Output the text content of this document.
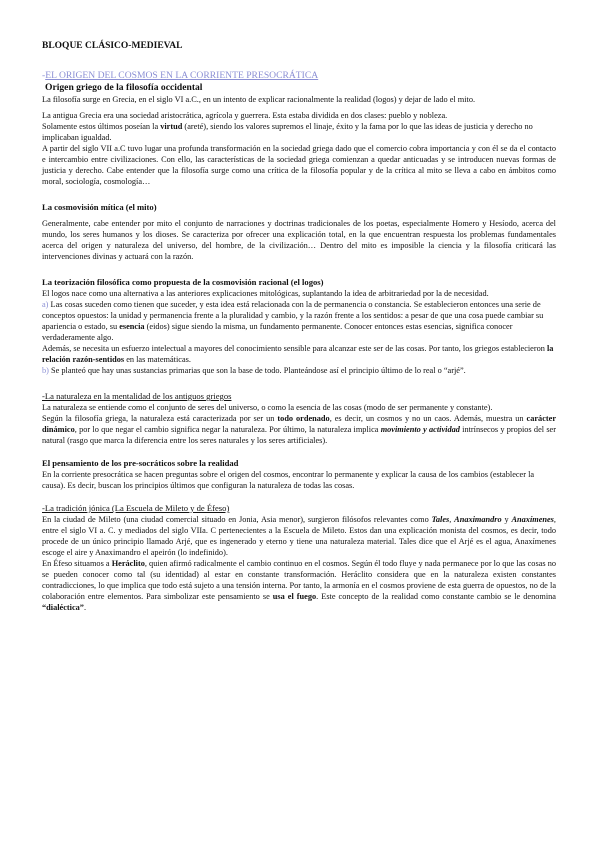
BLOQUE CLÁSICO-MEDIEVAL

-EL ORIGEN DEL COSMOS EN LA CORRIENTE PRESOCRÁTICA

Origen griego de la filosofía occidental

La filosofía surge en Grecia, en el siglo VI a.C., en un intento de explicar racionalmente la realidad (logos) y dejar de lado el mito.

La antigua Grecia era una sociedad aristocrática, agrícola y guerrera. Esta estaba dividida en dos clases: pueblo y nobleza.

Solamente estos últimos poseían la virtud (areté), siendo los valores supremos el linaje, éxito y la fama por lo que las ideas de justicia y derecho no implicaban igualdad.

A partir del siglo VII a.C tuvo lugar una profunda transformación en la sociedad griega dado que el comercio cobra importancia y con él se da el contacto e intercambio entre civilizaciones. Con ello, las características de la sociedad griega comienzan a quedar anticuadas y se introducen nuevas formas de justicia y derecho. Cabe entender que la filosofía surge como una crítica de la filosofía popular y de la crítica al mito se lleva a cabo en ámbitos como moral, sociología, cosmología…

La cosmovisión mítica (el mito)

Generalmente, cabe entender por mito el conjunto de narraciones y doctrinas tradicionales de los poetas, especialmente Homero y Hesíodo, acerca del mundo, los seres humanos y los dioses. Se caracteriza por ofrecer una explicación total, en la que encuentran respuesta los problemas fundamentales acerca del origen y naturaleza del universo, del hombre, de la civilización… Dentro del mito es imposible la ciencia y la filosofía criticará las intervenciones divinas y actuará con la razón.

La teorización filosófica como propuesta de la cosmovisión racional (el logos)

El logos nace como una alternativa a las anteriores explicaciones mitológicas, suplantando la idea de arbitrariedad por la de necesidad.

a) Las cosas suceden como tienen que suceder, y esta idea está relacionada con la de permanencia o constancia. Se establecieron entonces una serie de conceptos opuestos: la unidad y permanencia frente a la pluralidad y cambio, y la razón frente a los sentidos: a pesar de que una cosa puede cambiar su apariencia o estado, su esencia (eidos) sigue siendo la misma, un fundamento permanente. Conocer entonces estas esencias, significa conocer verdaderamente algo.

Además, se necesita un esfuerzo intelectual a mayores del conocimiento sensible para alcanzar este ser de las cosas. Por tanto, los griegos establecieron la relación razón-sentidos en las matemáticas.

b) Se planteó que hay unas sustancias primarias que son la base de todo. Planteándose así el principio último de lo real o “arjé”.

-La naturaleza en la mentalidad de los antiguos griegos

La naturaleza se entiende como el conjunto de seres del universo, o como la esencia de las cosas (modo de ser permanente y constante).

Según la filosofía griega, la naturaleza está caracterizada por ser un todo ordenado, es decir, un cosmos y no un caos. Además, muestra un carácter dinámico, por lo que negar el cambio significa negar la naturaleza. Por último, la naturaleza implica movimiento y actividad intrínsecos y propios del ser natural (rasgo que marca la diferencia entre los seres naturales y los seres artificiales).

El pensamiento de los pre-socráticos sobre la realidad

En la corriente presocrática se hacen preguntas sobre el origen del cosmos, encontrar lo permanente y explicar la causa de los cambios (establecer la causa). Es decir, buscan los principios últimos que configuran la naturaleza de todas las cosas.

-La tradición jónica (La Escuela de Mileto y de Éfeso)

En la ciudad de Mileto (una ciudad comercial situado en Jonia, Asia menor), surgieron filósofos relevantes como Tales, Anaximandro y Anaxímenes, entre el siglo VI a. C. y mediados del siglo VIIa. C pertenecientes a la Escuela de Mileto. Estos dan una explicación monista del cosmos, es decir, todo procede de un único principio llamado Arjé, que es ingenerado y eterno y tiene una naturaleza material. Tales dice que el Arjé es el agua, Anaxímenes escoge el aire y Anaximandro el apeirón (lo indefinido).

En Éfeso situamos a Heráclito, quien afirmó radicalmente el cambio continuo en el cosmos. Según él todo fluye y nada permanece por lo que las cosas no se pueden conocer como tal (su identidad) al estar en constante transformación. Heráclito considera que en la naturaleza existen constantes contradicciones, lo que implica que todo está sujeto a una tensión interna. Por tanto, la armonía en el cosmos proviene de esta guerra de opuestos, no de la colaboración entre elementos. Para simbolizar este pensamiento se usa el fuego. Este concepto de la realidad como constante cambio se le denomina “dialéctica”.
